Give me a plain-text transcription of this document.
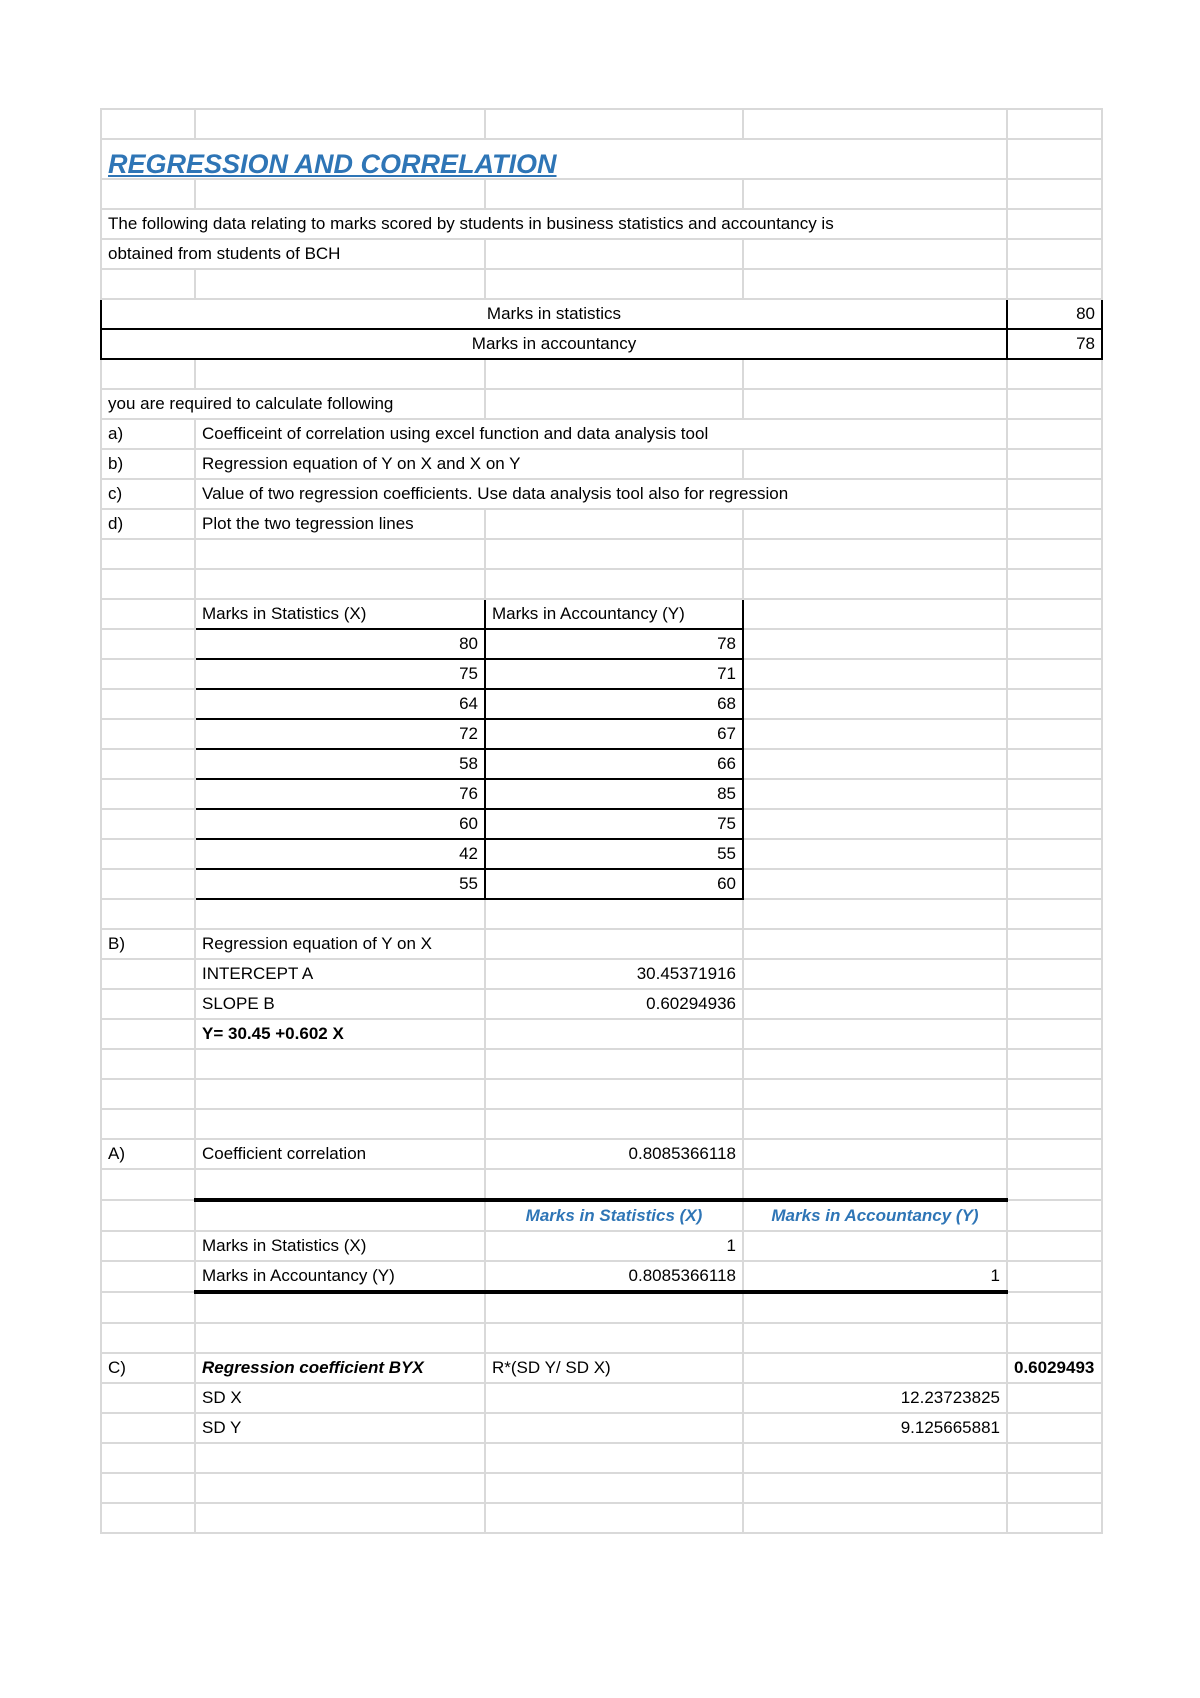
REGRESSION AND CORRELATION				

The following data relating to marks scored by students in business statistics and accountancy is				
obtained from students of BCH				

Marks in statistics				80
Marks in accountancy				78

you are required to calculate following				
a)	Coefficeint of correlation using excel function and data analysis tool			
b)	Regression equation of Y on X and X on Y			
c)	Value of two regression coefficients. Use data analysis tool also for regression			
d)	Plot the two tegression lines			

	Marks in Statistics (X)	Marks in Accountancy (Y)		
	80	78		
	75	71		
	64	68		
	72	67		
	58	66		
	76	85		
	60	75		
	42	55		
	55	60		

B)	Regression equation of Y on X			
	INTERCEPT A	30.45371916		
	SLOPE B	0.60294936		
	Y= 30.45 +0.602 X			

A)	Coefficient correlation	0.8085366118		

		Marks in Statistics (X)	Marks in Accountancy (Y)	
	Marks in Statistics (X)	1		
	Marks in Accountancy (Y)	0.8085366118	1	

C)	Regression coefficient BYX	R*(SD Y/ SD X)		0.6029493
	SD X		12.23723825	
	SD Y		9.125665881	
